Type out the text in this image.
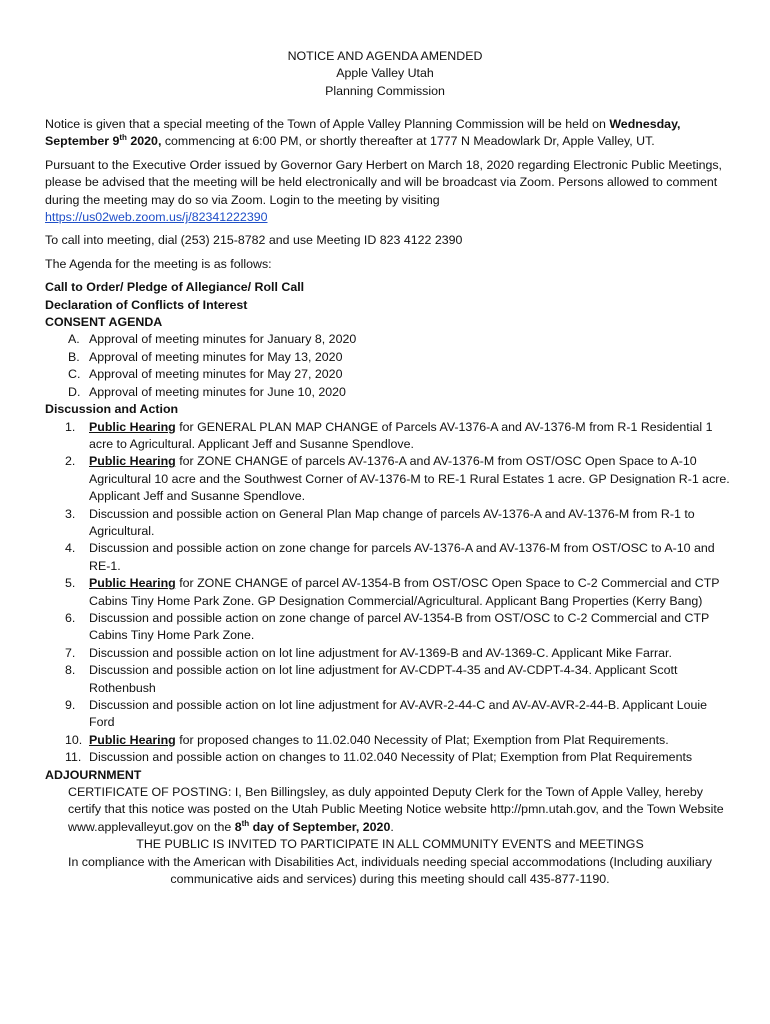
NOTICE AND AGENDA AMENDED
Apple Valley Utah
Planning Commission

Notice is given that a special meeting of the Town of Apple Valley Planning Commission will be held on Wednesday, September 9th 2020, commencing at 6:00 PM, or shortly thereafter at 1777 N Meadowlark Dr, Apple Valley, UT.

Pursuant to the Executive Order issued by Governor Gary Herbert on March 18, 2020 regarding Electronic Public Meetings, please be advised that the meeting will be held electronically and will be broadcast via Zoom. Persons allowed to comment during the meeting may do so via Zoom. Login to the meeting by visiting
https://us02web.zoom.us/j/82341222390

To call into meeting, dial (253) 215-8782 and use Meeting ID 823 4122 2390

The Agenda for the meeting is as follows:

Call to Order/ Pledge of Allegiance/ Roll Call

Declaration of Conflicts of Interest

CONSENT AGENDA

A. Approval of meeting minutes for January 8, 2020
B. Approval of meeting minutes for May 13, 2020
C. Approval of meeting minutes for May 27, 2020
D. Approval of meeting minutes for June 10, 2020

Discussion and Action

1. Public Hearing for GENERAL PLAN MAP CHANGE of Parcels AV-1376-A and AV-1376-M from R-1 Residential 1 acre to Agricultural. Applicant Jeff and Susanne Spendlove.
2. Public Hearing for ZONE CHANGE of parcels AV-1376-A and AV-1376-M from OST/OSC Open Space to A-10 Agricultural 10 acre and the Southwest Corner of AV-1376-M to RE-1 Rural Estates 1 acre. GP Designation R-1 acre. Applicant Jeff and Susanne Spendlove.
3. Discussion and possible action on General Plan Map change of parcels AV-1376-A and AV-1376-M from R-1 to Agricultural.
4. Discussion and possible action on zone change for parcels AV-1376-A and AV-1376-M from OST/OSC to A-10 and RE-1.
5. Public Hearing for ZONE CHANGE of parcel AV-1354-B from OST/OSC Open Space to C-2 Commercial and CTP Cabins Tiny Home Park Zone. GP Designation Commercial/Agricultural. Applicant Bang Properties (Kerry Bang)
6. Discussion and possible action on zone change of parcel AV-1354-B from OST/OSC to C-2 Commercial and CTP Cabins Tiny Home Park Zone.
7. Discussion and possible action on lot line adjustment for AV-1369-B and AV-1369-C. Applicant Mike Farrar.
8. Discussion and possible action on lot line adjustment for AV-CDPT-4-35 and AV-CDPT-4-34. Applicant Scott Rothenbush
9. Discussion and possible action on lot line adjustment for AV-AVR-2-44-C and AV-AV-AVR-2-44-B. Applicant Louie Ford
10. Public Hearing for proposed changes to 11.02.040 Necessity of Plat; Exemption from Plat Requirements.
11. Discussion and possible action on changes to 11.02.040 Necessity of Plat; Exemption from Plat Requirements

ADJOURNMENT

CERTIFICATE OF POSTING: I, Ben Billingsley, as duly appointed Deputy Clerk for the Town of Apple Valley, hereby certify that this notice was posted on the Utah Public Meeting Notice website http://pmn.utah.gov, and the Town Website www.applevalleyut.gov on the 8th day of September, 2020.

THE PUBLIC IS INVITED TO PARTICIPATE IN ALL COMMUNITY EVENTS and MEETINGS

In compliance with the American with Disabilities Act, individuals needing special accommodations (Including auxiliary communicative aids and services) during this meeting should call 435-877-1190.
